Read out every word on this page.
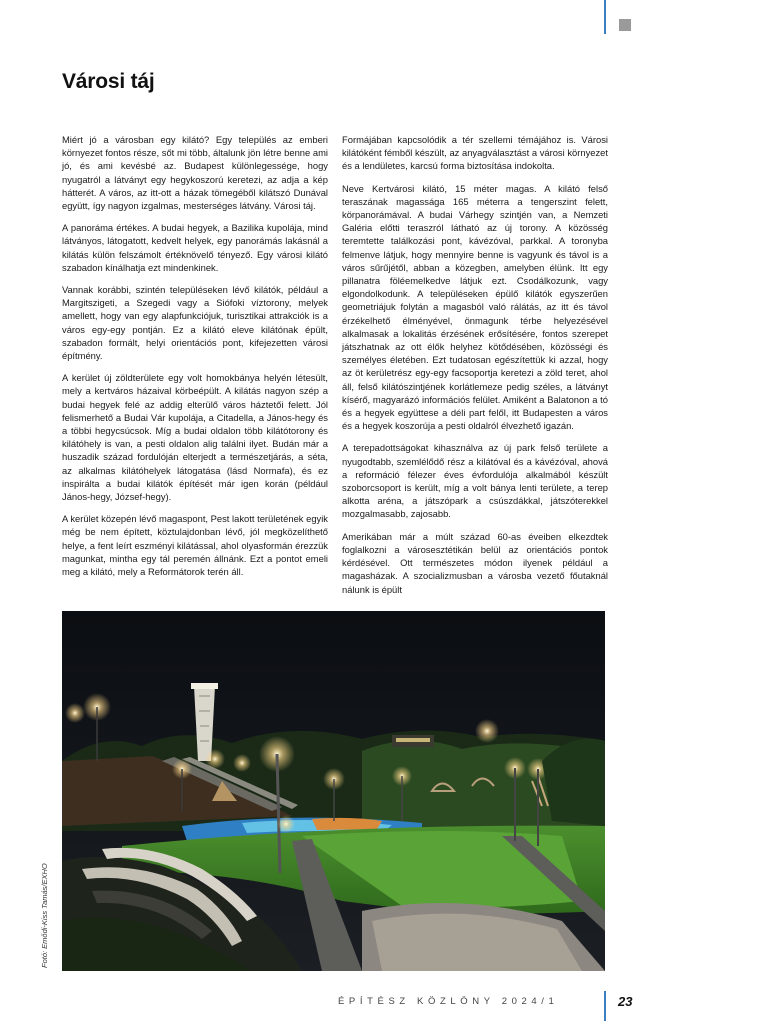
Városi táj

Miért jó a városban egy kilátó? Egy település az emberi környezet fontos része, sőt mi több, általunk jön létre benne ami jó, és ami kevésbé az. Budapest különlegessége, hogy nyugatról a látványt egy hegykoszorú keretezi, az adja a kép hátterét. A város, az itt-ott a házak tömegéből kilátszó Dunával együtt, így nagyon izgalmas, mesterséges látvány. Városi táj.

A panoráma értékes. A budai hegyek, a Bazilika kupolája, mind látványos, látogatott, kedvelt helyek, egy panorámás lakásnál a kilátás külön felszámolt értéknövelő tényező. Egy városi kilátó szabadon kínálhatja ezt mindenkinek.

Vannak korábbi, szintén településeken lévő kilátók, például a Margitszigeti, a Szegedi vagy a Siófoki víztorony, melyek amellett, hogy van egy alapfunkciójuk, turisztikai attrakciók is a város egy-egy pontján. Ez a kilátó eleve kilátónak épült, szabadon formált, helyi orientációs pont, kifejezetten városi építmény.

A kerület új zöldterülete egy volt homokbánya helyén létesült, mely a kertváros házaival körbeépült. A kilátás nagyon szép a budai hegyek felé az addig elterülő város háztetői felett. Jól felismerhető a Budai Vár kupolája, a Citadella, a János-hegy és a többi hegycsúcsok. Míg a budai oldalon több kilátótorony és kilátóhely is van, a pesti oldalon alig találni ilyet. Budán már a huszadik század fordulóján elterjedt a természetjárás, a séta, az alkalmas kilátóhelyek látogatása (lásd Normafa), és ez inspirálta a budai kilátók építését már igen korán (például János-hegy, József-hegy).

A kerület közepén lévő magaspont, Pest lakott területének egyik még be nem épített, köztulajdonban lévő, jól megközelíthető helye, a fent leírt eszményi kilátással, ahol olyasformán érezzük magunkat, mintha egy tál peremén állnánk. Ezt a pontot emeli meg a kilátó, mely a Reformátorok terén áll.

Formájában kapcsolódik a tér szellemi témájához is. Városi kilátóként fémből készült, az anyagválasztást a városi környezet és a lendületes, karcsú forma biztosítása indokolta.

Neve Kertvárosi kilátó, 15 méter magas. A kilátó felső teraszának magassága 165 méterra a tengerszint felett, körpanorámával. A budai Várhegy szintjén van, a Nemzeti Galéria előtti teraszról látható az új torony. A közösség teremtette találkozási pont, kávézóval, parkkal. A toronyba felmenve látjuk, hogy mennyire benne is vagyunk és távol is a város sűrűjétől, abban a közegben, amelyben élünk. Itt egy pillanatra föléemelkedve látjuk ezt. Csodálkozunk, vagy elgondolkodunk. A településeken épülő kilátók egyszerűen geometriájuk folytán a magasból való rálátás, az itt és távol érzékelhető élményével, önmagunk térbe helyezésével alkalmasak a lokalitás érzésének erősítésére, fontos szerepet játszhatnak az ott élők helyhez kötődésében, közösségi és személyes életében. Ezt tudatosan egészítettük ki azzal, hogy az öt kerületrész egy-egy facsoportja keretezi a zöld teret, ahol áll, felső kilátószintjének korlátlemeze pedig széles, a látványt kísérő, magyarázó információs felület. Amiként a Balatonon a tó és a hegyek együttese a déli part felől, itt Budapesten a város és a hegyek koszorúja a pesti oldalról élvezhető igazán.

A terepadottságokat kihasználva az új park felső területe a nyugodtabb, szemlélődő rész a kilátóval és a kávézóval, ahová a reformáció félezer éves évfordulója alkalmából készült szoborcsoport is került, míg a volt bánya lenti területe, a terep alkotta aréna, a játszópark a csúszdákkal, játszóterekkel mozgalmasabb, zajosabb.

Amerikában már a múlt század 60-as éveiben elkezdtek foglalkozni a városesztétikán belül az orientációs pontok kérdésével. Ott természetes módon ilyenek például a magasházak. A szocializmusban a városba vezető főutaknál nálunk is épült

Fotó: Emődi-Kiss Tamás/EXHO
ÉPÍTÉSZ KÖZLÖNY 2024/1	23
